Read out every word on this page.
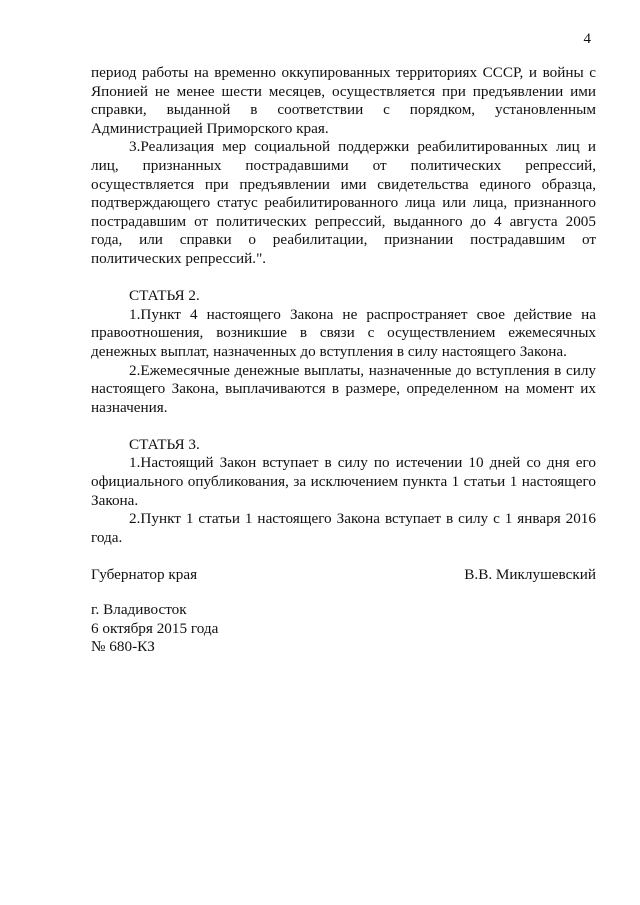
4

период работы на временно оккупированных территориях СССР, и войны с Японией не менее шести месяцев, осуществляется при предъявлении ими справки, выданной в соответствии с порядком, установленным Администрацией Приморского края.

3.Реализация мер социальной поддержки реабилитированных лиц и лиц, признанных пострадавшими от политических репрессий, осуществляется при предъявлении ими свидетельства единого образца, подтверждающего статус реабилитированного лица или лица, признанного пострадавшим от политических репрессий, выданного до 4 августа 2005 года, или справки о реабилитации, признании пострадавшим от политических репрессий.".

СТАТЬЯ 2.

1.Пункт 4 настоящего Закона не распространяет свое действие на правоотношения, возникшие в связи с осуществлением ежемесячных денежных выплат, назначенных до вступления в силу настоящего Закона.

2.Ежемесячные денежные выплаты, назначенные до вступления в силу настоящего Закона, выплачиваются в размере, определенном на момент их назначения.

СТАТЬЯ 3.

1.Настоящий Закон вступает в силу по истечении 10 дней со дня его официального опубликования, за исключением пункта 1 статьи 1 настоящего Закона.

2.Пункт 1 статьи 1 настоящего Закона вступает в силу с 1 января 2016 года.

Губернатор края	В.В. Миклушевский
г. Владивосток
6 октября 2015 года
№ 680-КЗ
